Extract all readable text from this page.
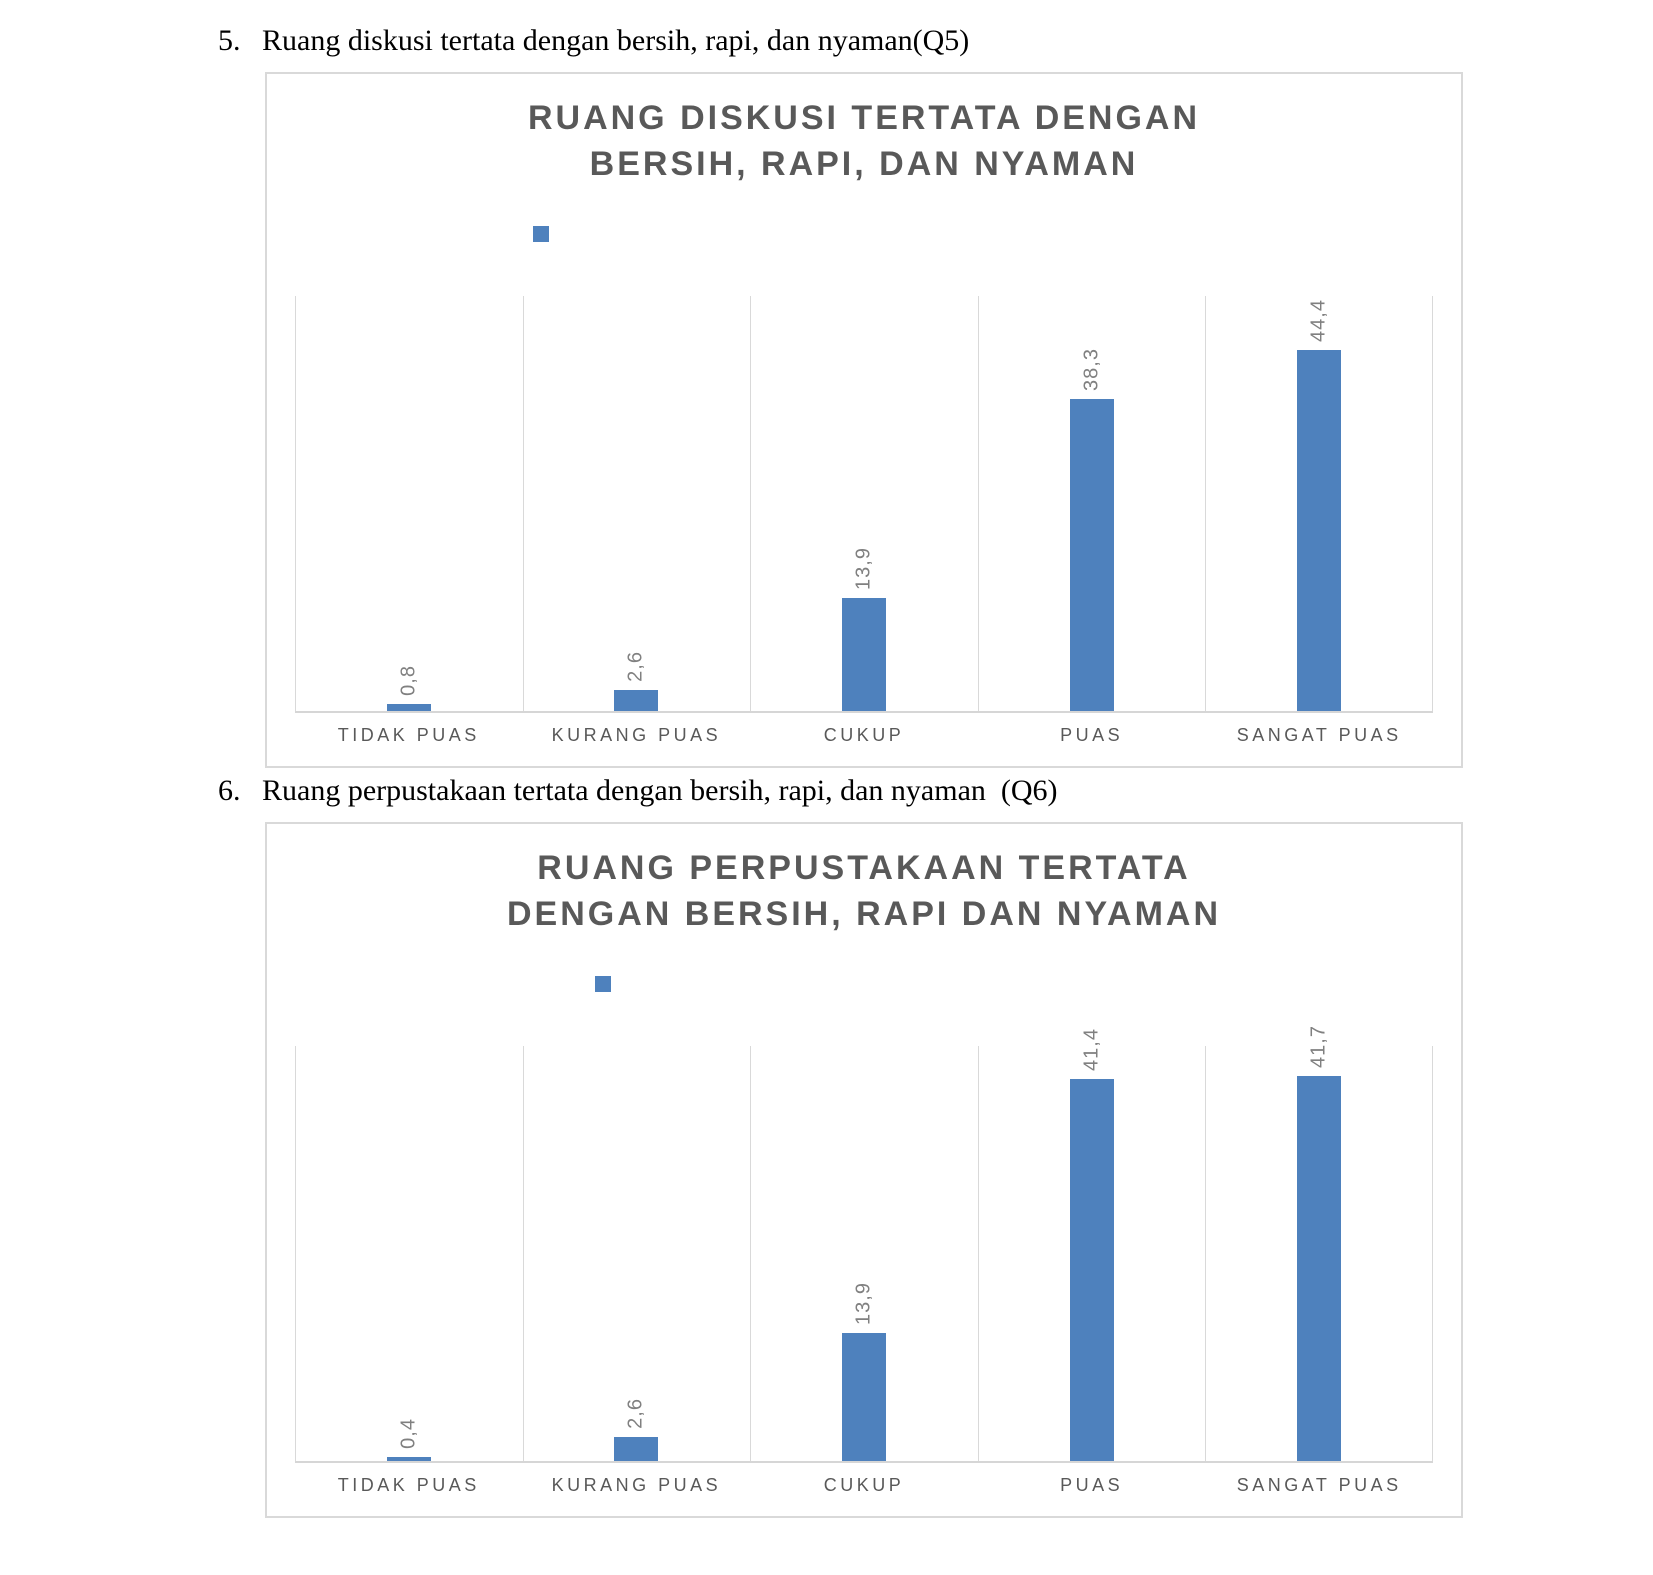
5. Ruang diskusi tertata dengan bersih, rapi, dan nyaman(Q5)
RUANG DISKUSI TERTATA DENGAN
BERSIH, RAPI, DAN NYAMAN
0,8	2,6
13,9
38,3
44,4
TIDAK PUAS	KURANG PUAS	CUKUP	PUAS	SANGAT PUAS
6. Ruang perpustakaan tertata dengan bersih, rapi, dan nyaman  (Q6)
RUANG PERPUSTAKAAN TERTATA
DENGAN BERSIH, RAPI DAN NYAMAN
0,4
2,6
13,9
41,4	41,7
TIDAK PUAS	KURANG PUAS	CUKUP	PUAS	SANGAT PUAS
